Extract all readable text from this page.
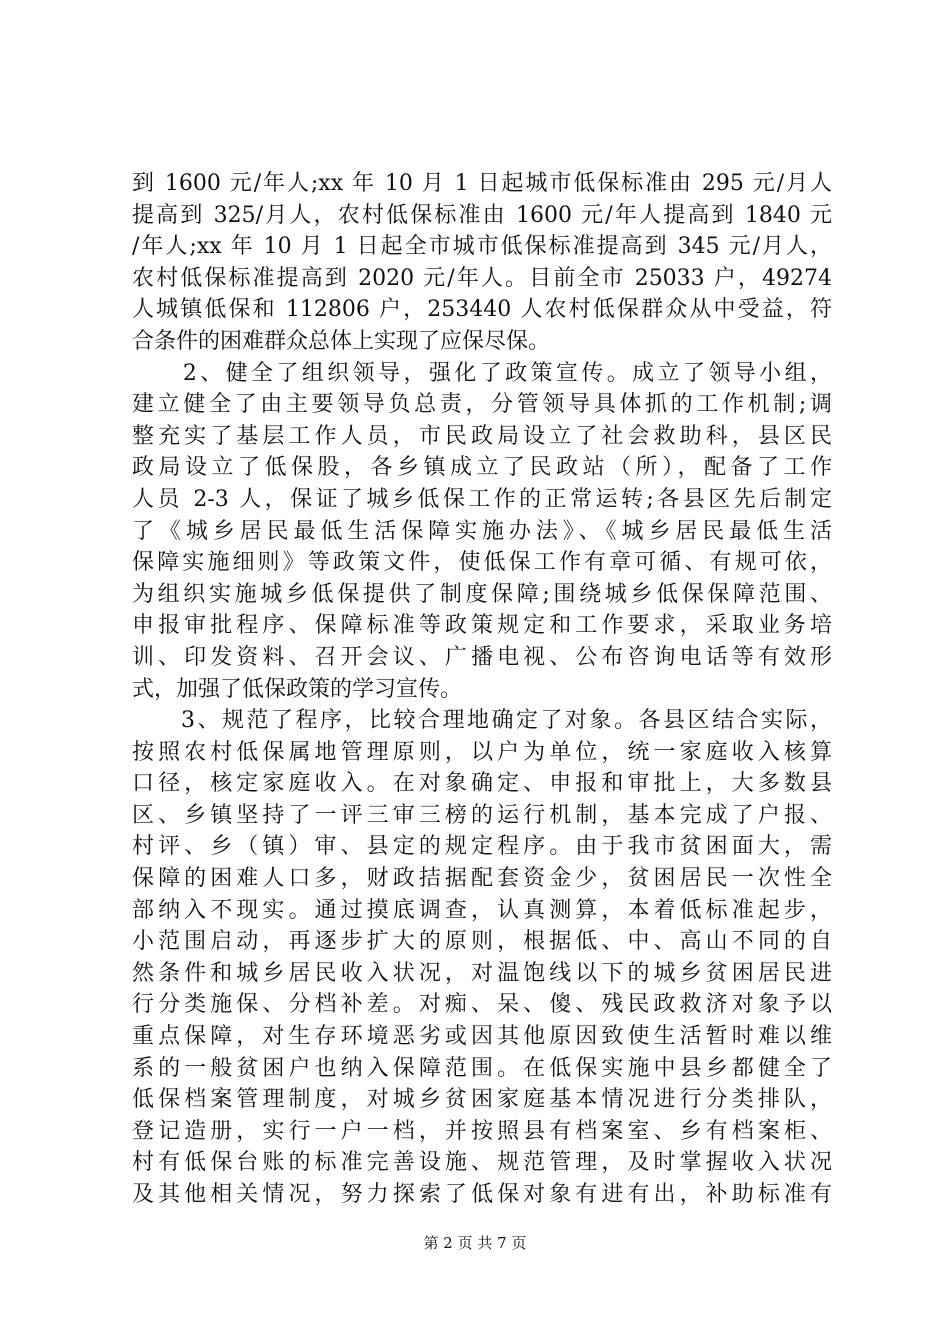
到 1600 元/年人;xx 年 10 月 1 日起城市低保标准由 295 元/月人
提高到 325/月人，农村低保标准由 1600 元/年人提高到 1840 元
/年人;xx 年 10 月 1 日起全市城市低保标准提高到 345 元/月人，
农村低保标准提高到 2020 元/年人。目前全市 25033 户，49274
人城镇低保和 112806 户，253440 人农村低保群众从中受益，符
合条件的困难群众总体上实现了应保尽保。
　　2、健全了组织领导，强化了政策宣传。成立了领导小组，
建立健全了由主要领导负总责，分管领导具体抓的工作机制;调
整充实了基层工作人员，市民政局设立了社会救助科，县区民
政局设立了低保股，各乡镇成立了民政站（所），配备了工作
人员 2-3 人，保证了城乡低保工作的正常运转;各县区先后制定
了《城乡居民最低生活保障实施办法》、《城乡居民最低生活
保障实施细则》等政策文件，使低保工作有章可循、有规可依，
为组织实施城乡低保提供了制度保障;围绕城乡低保保障范围、
申报审批程序、保障标准等政策规定和工作要求，采取业务培
训、印发资料、召开会议、广播电视、公布咨询电话等有效形
式，加强了低保政策的学习宣传。
　　3、规范了程序，比较合理地确定了对象。各县区结合实际，
按照农村低保属地管理原则，以户为单位，统一家庭收入核算
口径，核定家庭收入。在对象确定、申报和审批上，大多数县
区、乡镇坚持了一评三审三榜的运行机制，基本完成了户报、
村评、乡（镇）审、县定的规定程序。由于我市贫困面大，需
保障的困难人口多，财政拮据配套资金少，贫困居民一次性全
部纳入不现实。通过摸底调查，认真测算，本着低标准起步，
小范围启动，再逐步扩大的原则，根据低、中、高山不同的自
然条件和城乡居民收入状况，对温饱线以下的城乡贫困居民进
行分类施保、分档补差。对痴、呆、傻、残民政救济对象予以
重点保障，对生存环境恶劣或因其他原因致使生活暂时难以维
系的一般贫困户也纳入保障范围。在低保实施中县乡都健全了
低保档案管理制度，对城乡贫困家庭基本情况进行分类排队，
登记造册，实行一户一档，并按照县有档案室、乡有档案柜、
村有低保台账的标准完善设施、规范管理，及时掌握收入状况
及其他相关情况，努力探索了低保对象有进有出，补助标准有
第 2 页 共 7 页
